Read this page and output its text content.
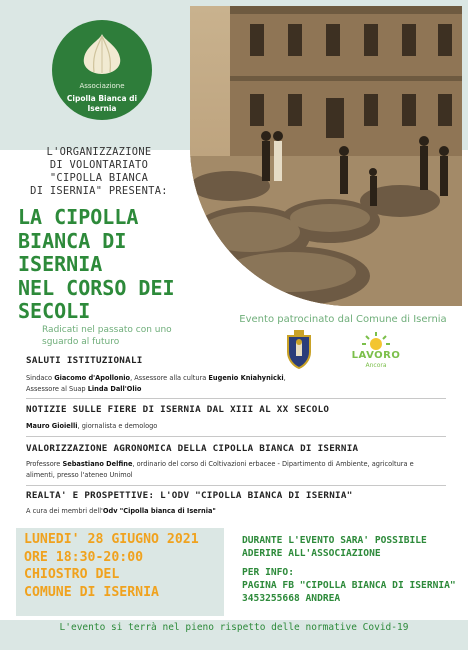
Associazione
Cipolla Bianca di
Isernia
L'ORGANIZZAZIONE
DI VOLONTARIATO
"CIPOLLA BIANCA
DI ISERNIA" PRESENTA:
LA CIPOLLA
BIANCA DI ISERNIA
NEL CORSO DEI
SECOLI
Radicati nel passato con uno
sguardo al futuro
Evento patrocinato dal Comune di Isernia
LAVORO
Ancora
SALUTI ISTITUZIONALI
Sindaco Giacomo d'Apollonio, Assessore alla cultura Eugenio Kniahynicki,
Assessore al Suap Linda Dall'Olio
NOTIZIE SULLE FIERE DI ISERNIA DAL XIII AL XX SECOLO
Mauro Gioielli, giornalista e demologo
VALORIZZAZIONE AGRONOMICA DELLA CIPOLLA BIANCA DI ISERNIA
Professore Sebastiano Delfine, ordinario del corso di Coltivazioni erbacee - Dipartimento di Ambiente, agricoltura e
alimenti, presso l'ateneo Unimol
REALTA' E PROSPETTIVE: L'ODV "CIPOLLA BIANCA DI ISERNIA"
A cura dei membri dell'Odv "Cipolla bianca di Isernia"
LUNEDI' 28 GIUGNO 2021
ORE 18:30-20:00
CHIOSTRO DEL
COMUNE DI ISERNIA
DURANTE L'EVENTO SARA' POSSIBILE
ADERIRE ALL'ASSOCIAZIONE
PER INFO:
PAGINA FB "CIPOLLA BIANCA DI ISERNIA"
3453255668 ANDREA
L'evento si terrà nel pieno rispetto delle normative Covid-19
